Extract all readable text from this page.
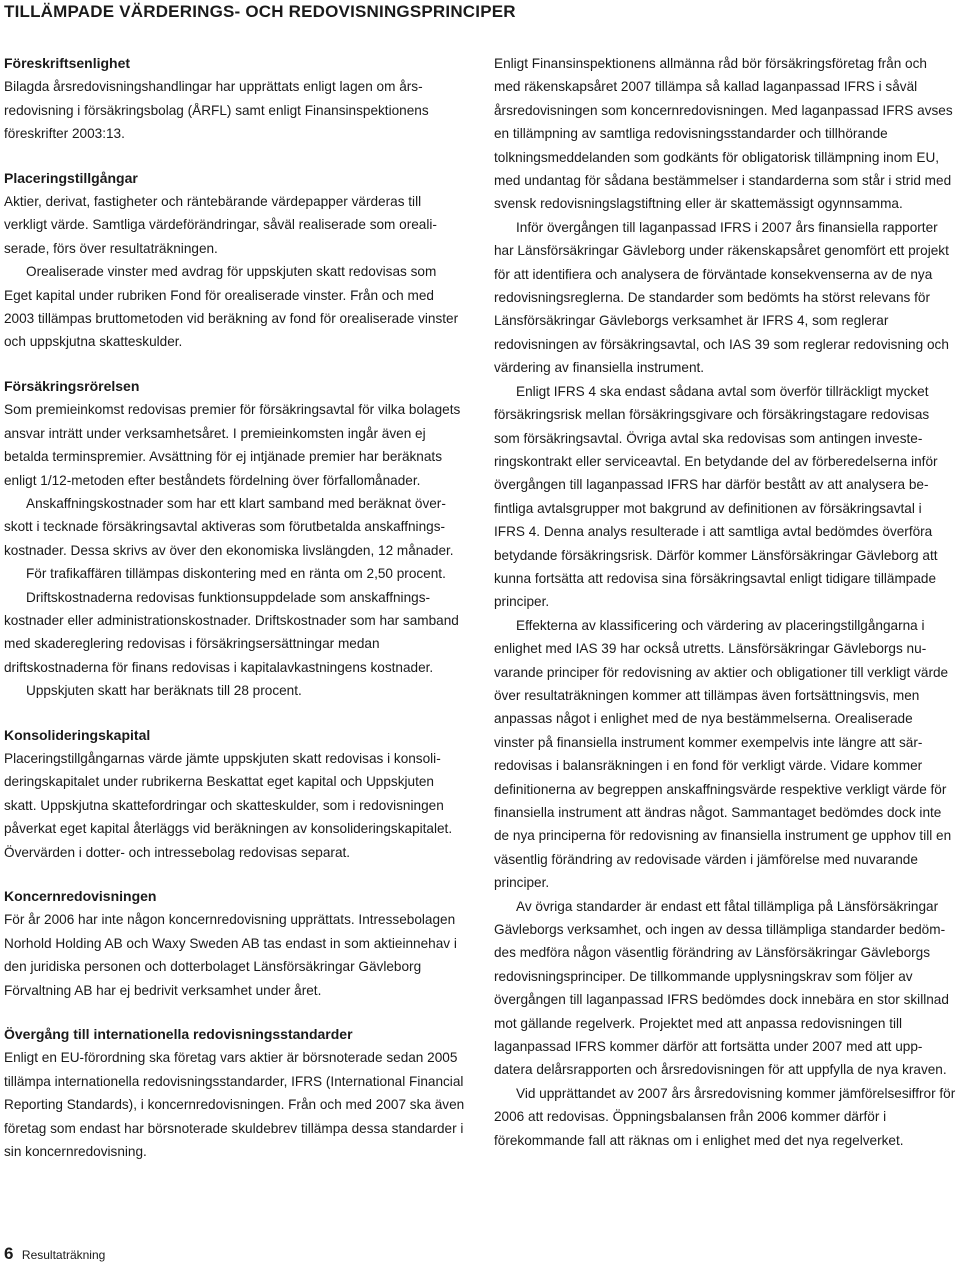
TILLÄMPADE VÄRDERINGS- OCH REDOVISNINGSPRINCIPER
Föreskriftsenlighet

Bilagda årsredovisningshandlingar har upprättats enligt lagen om årsredovisning i försäkringsbolag (ÅRFL) samt enligt Finansinspektionens föreskrifter 2003:13.

Placeringstillgångar

Aktier, derivat, fastigheter och räntebärande värdepapper värderas till verkligt värde. Samtliga värdeförändringar, såväl realiserade som orealiserade, förs över resultaträkningen.

Orealiserade vinster med avdrag för uppskjuten skatt redovisas som Eget kapital under rubriken Fond för orealiserade vinster. Från och med 2003 tillämpas bruttometoden vid beräkning av fond för orealiserade vinster och uppskjutna skatteskulder.

Försäkringsrörelsen

Som premieinkomst redovisas premier för försäkringsavtal för vilka bolagets ansvar inträtt under verksamhetsåret. I premieinkomsten ingår även ej betalda terminspremier. Avsättning för ej intjänade premier har beräknats enligt 1/12-metoden efter beståndets fördelning över förfallomånader.

Anskaffningskostnader som har ett klart samband med beräknat överskott i tecknade försäkringsavtal aktiveras som förutbetalda anskaffningskostnader. Dessa skrivs av över den ekonomiska livslängden, 12 månader.

För trafikaffären tillämpas diskontering med en ränta om 2,50 procent.

Driftskostnaderna redovisas funktionsuppdelade som anskaffningskostnader eller administrationskostnader. Driftskostnader som har samband med skadereglering redovisas i försäkringsersättningar medan driftskostnaderna för finans redovisas i kapitalavkastningens kostnader.

Uppskjuten skatt har beräknats till 28 procent.

Konsolideringskapital

Placeringstillgångarnas värde jämte uppskjuten skatt redovisas i konsolideringskapitalet under rubrikerna Beskattat eget kapital och Uppskjuten skatt. Uppskjutna skattefordringar och skatteskulder, som i redovisningen påverkat eget kapital återläggs vid beräkningen av konsolideringskapitalet. Övervärden i dotter- och intressebolag redovisas separat.

Koncernredovisningen

För år 2006 har inte någon koncernredovisning upprättats. Intressebolagen Norhold Holding AB och Waxy Sweden AB tas endast in som aktieinnehav i den juridiska personen och dotterbolaget Länsförsäkringar Gävleborg Förvaltning AB har ej bedrivit verksamhet under året.

Övergång till internationella redovisningsstandarder

Enligt en EU-förordning ska företag vars aktier är börsnoterade sedan 2005 tillämpa internationella redovisningsstandarder, IFRS (International Financial Reporting Standards), i koncernredovisningen. Från och med 2007 ska även företag som endast har börsnoterade skuldebrev tillämpa dessa standarder i sin koncernredovisning.

Enligt Finansinspektionens allmänna råd bör försäkringsföretag från och med räkenskapsåret 2007 tillämpa så kallad laganpassad IFRS i såväl årsredovisningen som koncernredovisningen. Med laganpassad IFRS avses en tillämpning av samtliga redovisningsstandarder och tillhörande tolkningsmeddelanden som godkänts för obligatorisk tillämpning inom EU, med undantag för sådana bestämmelser i standarderna som står i strid med svensk redovisningslagstiftning eller är skattemässigt ogynnsamma.

Inför övergången till laganpassad IFRS i 2007 års finansiella rapporter har Länsförsäkringar Gävleborg under räkenskapsåret genomfört ett projekt för att identifiera och analysera de förväntade konsekvenserna av de nya redovisningsreglerna. De standarder som bedömts ha störst relevans för Länsförsäkringar Gävleborgs verksamhet är IFRS 4, som reglerar redovisningen av försäkringsavtal, och IAS 39 som reglerar redovisning och värdering av finansiella instrument.

Enligt IFRS 4 ska endast sådana avtal som överför tillräckligt mycket försäkringsrisk mellan försäkringsgivare och försäkringstagare redovisas som försäkringsavtal. Övriga avtal ska redovisas som antingen investeringskontrakt eller serviceavtal. En betydande del av förberedelserna inför övergången till laganpassad IFRS har därför bestått av att analysera befintliga avtalsgrupper mot bakgrund av definitionen av försäkringsavtal i IFRS 4. Denna analys resulterade i att samtliga avtal bedömdes överföra betydande försäkringsrisk. Därför kommer Länsförsäkringar Gävleborg att kunna fortsätta att redovisa sina försäkringsavtal enligt tidigare tillämpade principer.

Effekterna av klassificering och värdering av placeringstillgångarna i enlighet med IAS 39 har också utretts. Länsförsäkringar Gävleborgs nuvarande principer för redovisning av aktier och obligationer till verkligt värde över resultaträkningen kommer att tillämpas även fortsättningsvis, men anpassas något i enlighet med de nya bestämmelserna. Orealiserade vinster på finansiella instrument kommer exempelvis inte längre att särredovisas i balansräkningen i en fond för verkligt värde. Vidare kommer definitionerna av begreppen anskaffningsvärde respektive verkligt värde för finansiella instrument att ändras något. Sammantaget bedömdes dock inte de nya principerna för redovisning av finansiella instrument ge upphov till en väsentlig förändring av redovisade värden i jämförelse med nuvarande principer.

Av övriga standarder är endast ett fåtal tillämpliga på Länsförsäkringar Gävleborgs verksamhet, och ingen av dessa tillämpliga standarder bedömdes medföra någon väsentlig förändring av Länsförsäkringar Gävleborgs redovisningsprinciper. De tillkommande upplysningskrav som följer av övergången till laganpassad IFRS bedömdes dock innebära en stor skillnad mot gällande regelverk. Projektet med att anpassa redovisningen till laganpassad IFRS kommer därför att fortsätta under 2007 med att uppdatera delårsrapporten och årsredovisningen för att uppfylla de nya kraven.

Vid upprättandet av 2007 års årsredovisning kommer jämförelsesiffror för 2006 att redovisas. Öppningsbalansen från 2006 kommer därför i förekommande fall att räknas om i enlighet med det nya regelverket.

6 Resultaträkning
